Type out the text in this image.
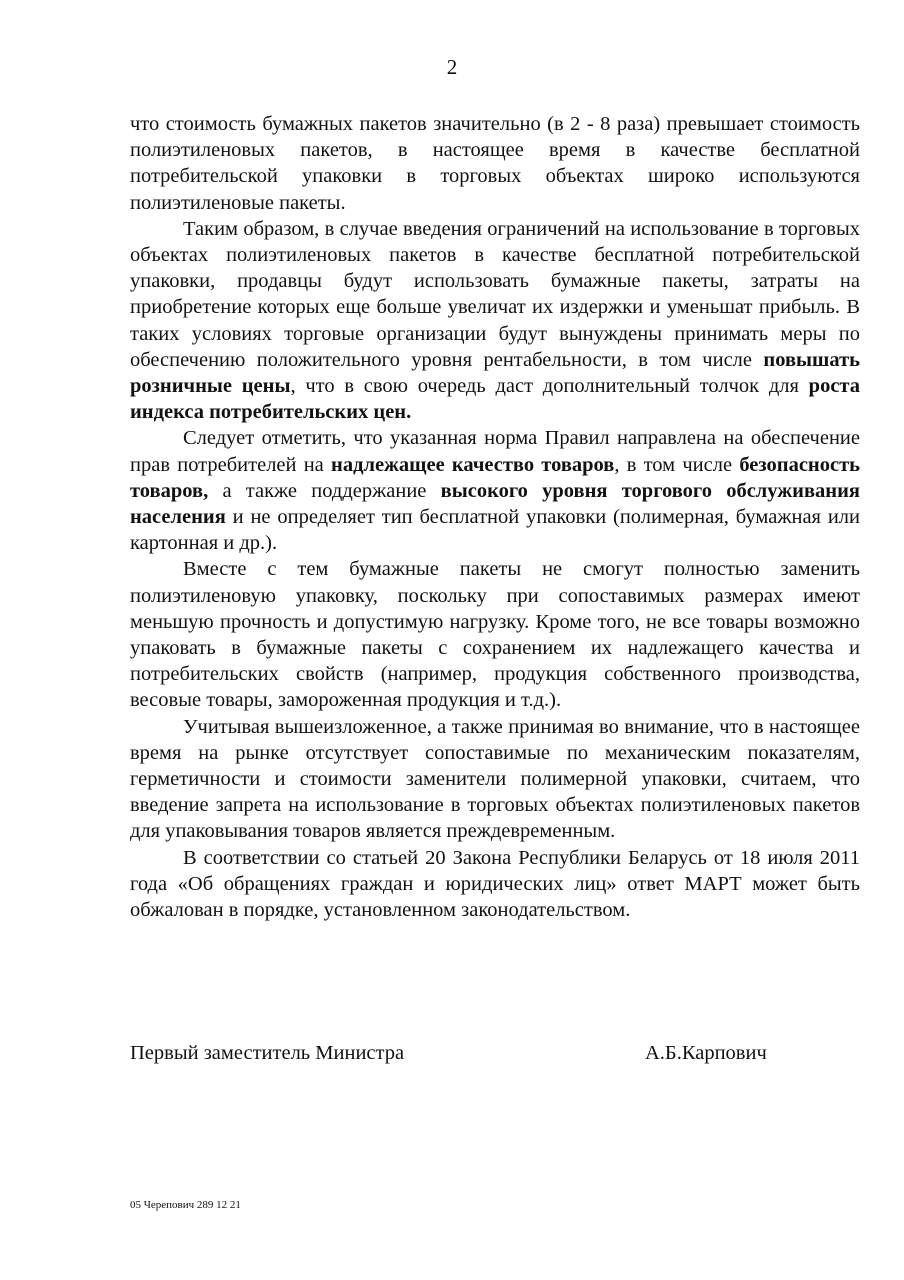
2

что стоимость бумажных пакетов значительно (в 2 - 8 раза) превышает стоимость полиэтиленовых пакетов, в настоящее время в качестве бесплатной потребительской упаковки в торговых объектах широко используются полиэтиленовые пакеты.

Таким образом, в случае введения ограничений на использование в торговых объектах полиэтиленовых пакетов в качестве бесплатной потребительской упаковки, продавцы будут использовать бумажные пакеты, затраты на приобретение которых еще больше увеличат их издержки и уменьшат прибыль. В таких условиях торговые организации будут вынуждены принимать меры по обеспечению положительного уровня рентабельности, в том числе повышать розничные цены, что в свою очередь даст дополнительный толчок для роста индекса потребительских цен.

Следует отметить, что указанная норма Правил направлена на обеспечение прав потребителей на надлежащее качество товаров, в том числе безопасность товаров, а также поддержание высокого уровня торгового обслуживания населения и не определяет тип бесплатной упаковки (полимерная, бумажная или картонная и др.).

Вместе с тем бумажные пакеты не смогут полностью заменить полиэтиленовую упаковку, поскольку при сопоставимых размерах имеют меньшую прочность и допустимую нагрузку. Кроме того, не все товары возможно упаковать в бумажные пакеты с сохранением их надлежащего качества и потребительских свойств (например, продукция собственного производства, весовые товары, замороженная продукция и т.д.).

Учитывая вышеизложенное, а также принимая во внимание, что в настоящее время на рынке отсутствует сопоставимые по механическим показателям, герметичности и стоимости заменители полимерной упаковки, считаем, что введение запрета на использование в торговых объектах полиэтиленовых пакетов для упаковывания товаров является преждевременным.

В соответствии со статьей 20 Закона Республики Беларусь от 18 июля 2011 года «Об обращениях граждан и юридических лиц» ответ МАРТ может быть обжалован в порядке, установленном законодательством.

Первый заместитель Министра	А.Б.Карпович
05 Черепович 289 12 21
